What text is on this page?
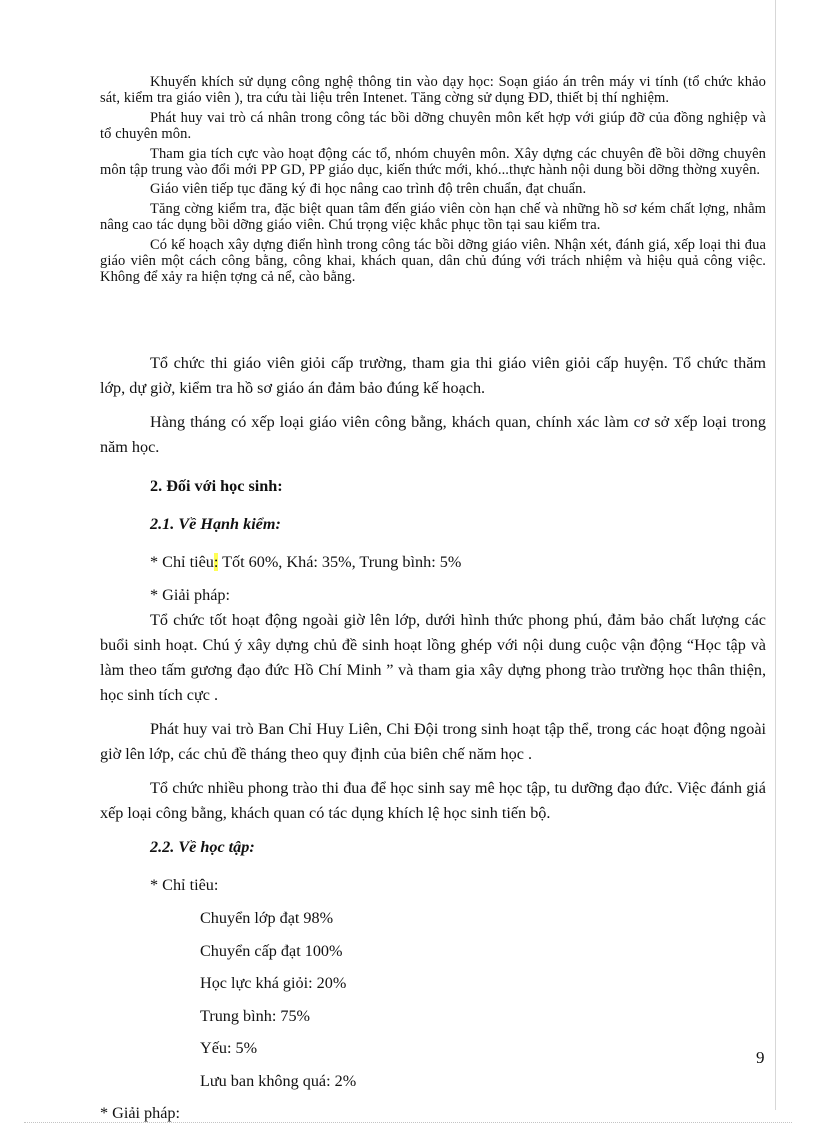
Khuyến khích sử dụng công nghệ thông tin vào dạy học: Soạn giáo án trên máy vi tính (tổ chức khảo sát, kiểm tra giáo viên ), tra cứu tài liệu trên Intenet. Tăng cờng sử dụng ĐD, thiết bị thí nghiệm.

Phát huy vai trò cá nhân trong công tác bồi dỡng chuyên môn kết hợp với giúp đỡ của đồng nghiệp và tổ chuyên môn.

Tham gia tích cực vào hoạt động các tổ, nhóm chuyên môn. Xây dựng các chuyên đề bồi dỡng chuyên môn tập trung vào đổi mới PP GD, PP giáo dục, kiến thức mới, khó...thực hành nội dung bồi dỡng thờng xuyên.

Giáo viên tiếp tục đăng ký đi học nâng cao trình độ trên chuẩn, đạt chuẩn.

Tăng cờng kiểm tra, đặc biệt quan tâm đến giáo viên còn hạn chế và những hồ sơ kém chất lợng, nhằm nâng cao tác dụng bồi dỡng giáo viên. Chú trọng việc khắc phục tồn tại sau kiểm tra.

Có kế hoạch xây dựng điển hình trong công tác bồi dỡng giáo viên. Nhận xét, đánh giá, xếp loại thi đua giáo viên một cách công bằng, công khai, khách quan, dân chủ đúng với trách nhiệm và hiệu quả công việc. Không để xảy ra hiện tợng cả nể, cào bằng.

Tổ chức thi giáo viên giỏi cấp trường, tham gia thi giáo viên giỏi cấp huyện. Tổ chức thăm lớp, dự giờ, kiểm tra hồ sơ giáo án đảm bảo đúng kế hoạch.

Hàng tháng có xếp loại giáo viên công bằng, khách quan, chính xác làm cơ sở xếp loại trong năm học.

2. Đối với học sinh:
2.1. Về Hạnh kiểm:
* Chỉ tiêu: Tốt 60%, Khá: 35%, Trung bình: 5%
* Giải pháp:

Tổ chức tốt hoạt động ngoài giờ lên lớp, dưới hình thức phong phú, đảm bảo chất lượng các buổi sinh hoạt. Chú ý xây dựng chủ đề sinh hoạt lồng ghép với nội dung cuộc vận động “Học tập và làm theo tấm gương đạo đức Hồ Chí Minh ” và tham gia xây dựng phong trào trường học thân thiện, học sinh tích cực .

Phát huy vai trò Ban Chỉ Huy Liên, Chi Đội trong sinh hoạt tập thể, trong các hoạt động ngoài giờ lên lớp, các chủ đề tháng theo quy định của biên chế năm học .

Tổ chức nhiều phong trào thi đua để học sinh say mê học tập, tu dưỡng đạo đức. Việc đánh giá xếp loại công bằng, khách quan có tác dụng khích lệ học sinh tiến bộ.

2.2. Về học tập:
* Chỉ tiêu:
Chuyển lớp đạt 98%
Chuyển cấp đạt 100%
Học lực khá giỏi: 20%
Trung bình: 75%
Yếu: 5%
Lưu ban không quá: 2%
* Giải pháp:
9
